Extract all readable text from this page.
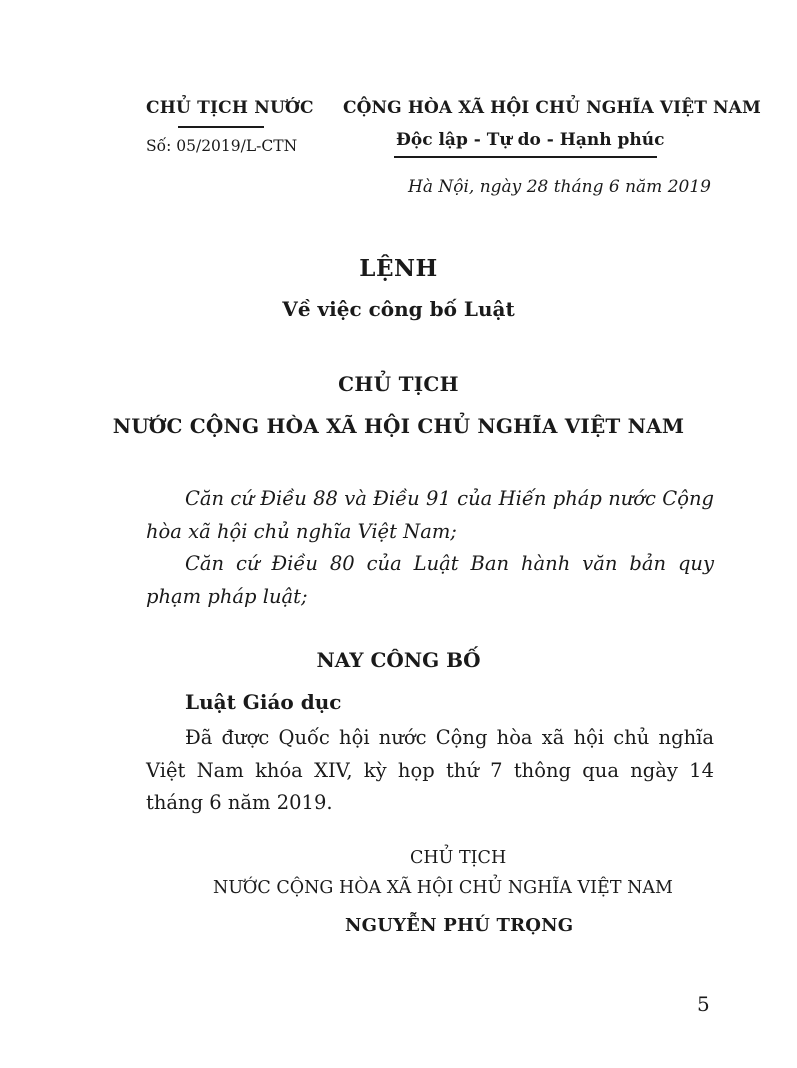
CHỦ TỊCH NƯỚC
Số: 05/2019/L-CTN
CỘNG HÒA XÃ HỘI CHỦ NGHĨA VIỆT NAM
Độc lập - Tự do - Hạnh phúc
Hà Nội, ngày 28 tháng 6 năm 2019
LỆNH
Về việc công bố Luật
CHỦ TỊCH
NƯỚC CỘNG HÒA XÃ HỘI CHỦ NGHĨA VIỆT NAM
Căn cứ Điều 88 và Điều 91 của Hiến pháp nước Cộng hòa xã hội chủ nghĩa Việt Nam;
Căn cứ Điều 80 của Luật Ban hành văn bản quy phạm pháp luật;
NAY CÔNG BỐ
Luật Giáo dục
Đã được Quốc hội nước Cộng hòa xã hội chủ nghĩa Việt Nam khóa XIV, kỳ họp thứ 7 thông qua ngày 14 tháng 6 năm 2019.
CHỦ TỊCH
NƯỚC CỘNG HÒA XÃ HỘI CHỦ NGHĨA VIỆT NAM
NGUYỄN PHÚ TRỌNG
5
